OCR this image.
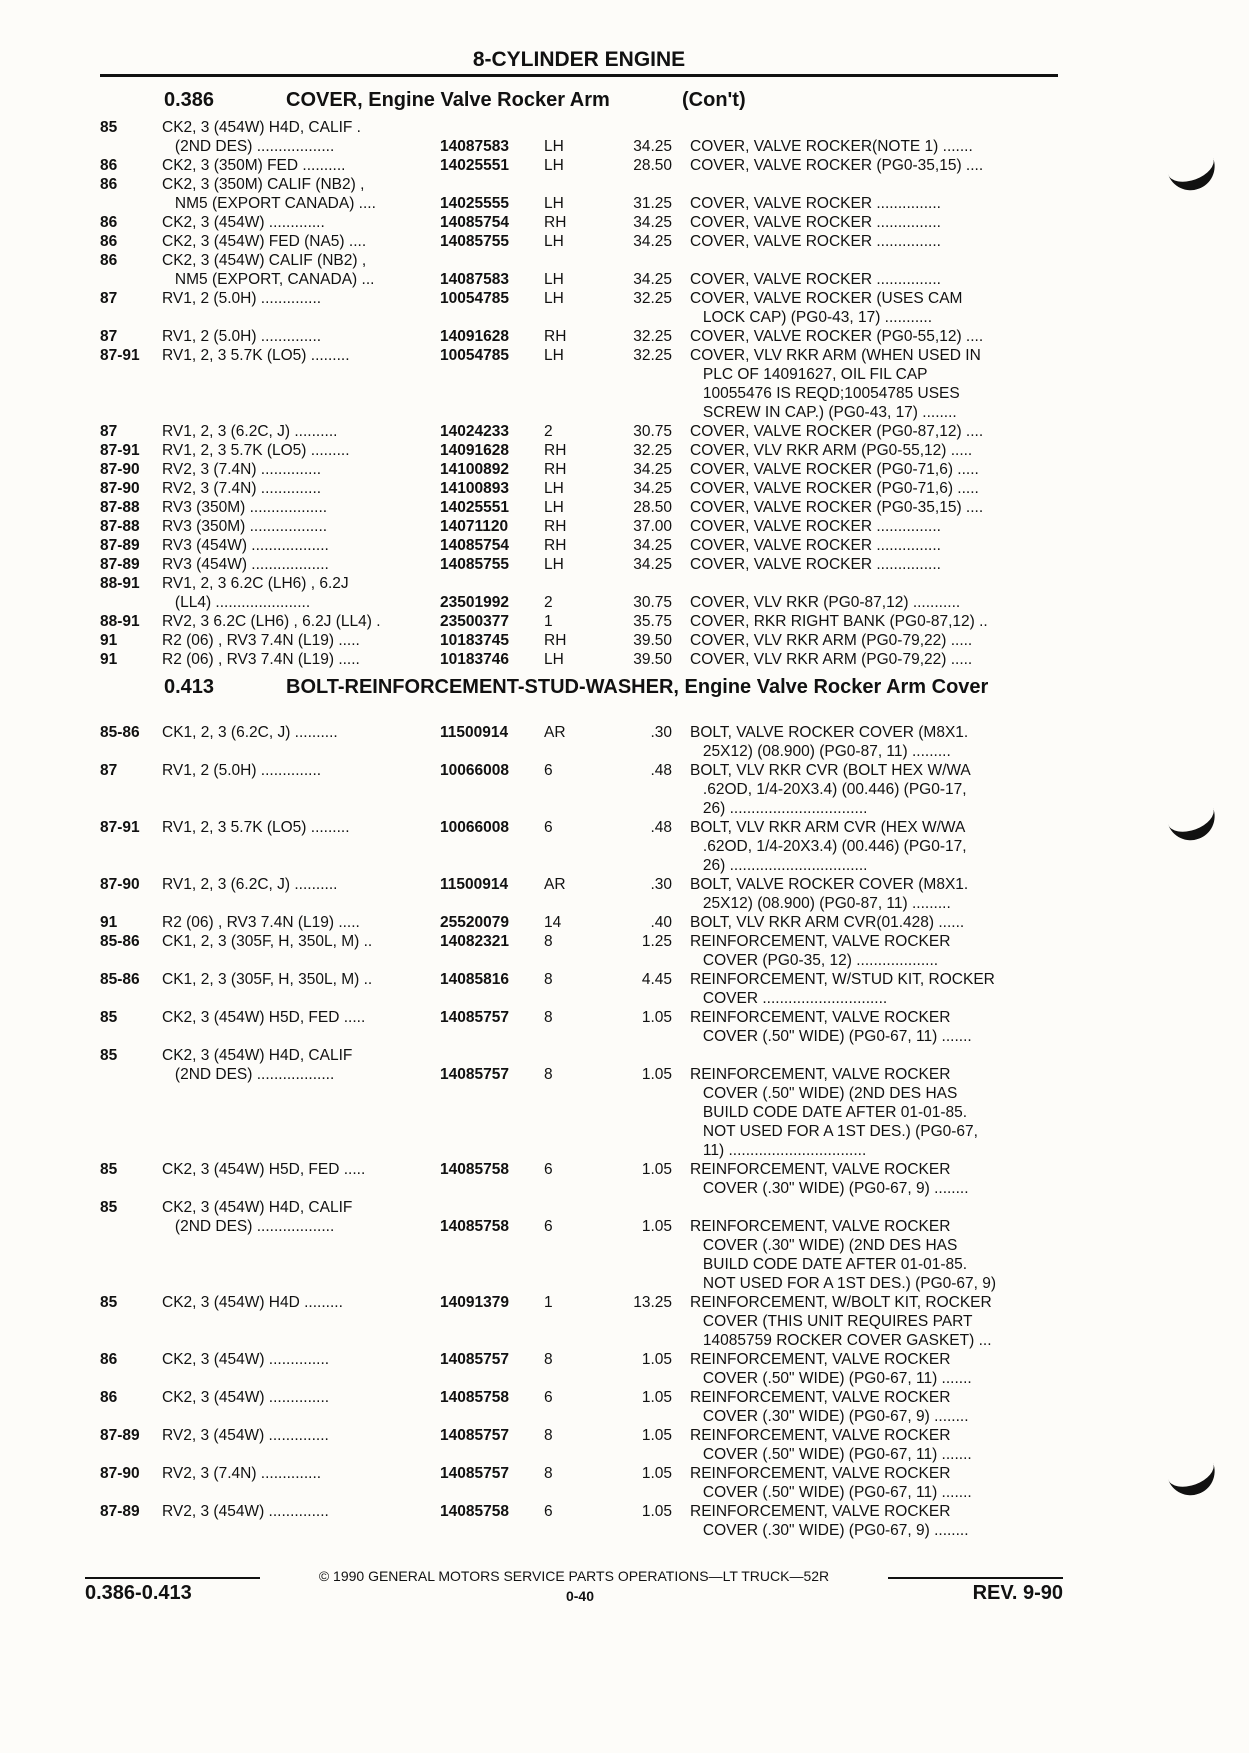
8-CYLINDER ENGINE
0.386	COVER, Engine Valve Rocker Arm	(Con't)
85	CK2, 3 (454W) H4D, CALIF .
(2ND DES) ..................	14087583 LH	34.25 COVER, VALVE ROCKER(NOTE 1) .......
86	CK2, 3 (350M) FED ..........	14025551 LH	28.50 COVER, VALVE ROCKER (PG0-35,15) ....
86	CK2, 3 (350M) CALIF (NB2) ,
NM5 (EXPORT CANADA) ....	14025555 LH	31.25 COVER, VALVE ROCKER ...............
86	CK2, 3 (454W) .............	14085754 RH	34.25 COVER, VALVE ROCKER ...............
86	CK2, 3 (454W) FED (NA5) ....	14085755 LH	34.25 COVER, VALVE ROCKER ...............
86	CK2, 3 (454W) CALIF (NB2) ,
NM5 (EXPORT, CANADA) ...	14087583 LH	34.25 COVER, VALVE ROCKER ...............
87	RV1, 2 (5.0H) ..............	10054785 LH	32.25 COVER, VALVE ROCKER (USES CAM
LOCK CAP) (PG0-43, 17) ...........
87	RV1, 2 (5.0H) ..............	14091628 RH	32.25 COVER, VALVE ROCKER (PG0-55,12) ....
87-91 RV1, 2, 3 5.7K (LO5) .........	10054785 LH	32.25 COVER, VLV RKR ARM (WHEN USED IN
PLC OF 14091627, OIL FIL CAP
10055476 IS REQD;10054785 USES
SCREW IN CAP.) (PG0-43, 17) ........
87	RV1, 2, 3 (6.2C, J) ..........	14024233 2	30.75 COVER, VALVE ROCKER (PG0-87,12) ....
87-91 RV1, 2, 3 5.7K (LO5) .........	14091628 RH	32.25 COVER, VLV RKR ARM (PG0-55,12) .....
87-90 RV2, 3 (7.4N) ..............	14100892 RH	34.25 COVER, VALVE ROCKER (PG0-71,6) .....
87-90 RV2, 3 (7.4N) ..............	14100893 LH	34.25 COVER, VALVE ROCKER (PG0-71,6) .....
87-88 RV3 (350M) ..................	14025551 LH	28.50 COVER, VALVE ROCKER (PG0-35,15) ....
87-88 RV3 (350M) ..................	14071120 RH	37.00 COVER, VALVE ROCKER ...............
87-89 RV3 (454W) ..................	14085754 RH	34.25 COVER, VALVE ROCKER ...............
87-89 RV3 (454W) ..................	14085755 LH	34.25 COVER, VALVE ROCKER ...............
88-91 RV1, 2, 3 6.2C (LH6) , 6.2J
(LL4) ......................	23501992 2	30.75 COVER, VLV RKR (PG0-87,12) ...........
88-91 RV2, 3 6.2C (LH6) , 6.2J (LL4) .	23500377 1	35.75 COVER, RKR RIGHT BANK (PG0-87,12) ..
91	R2 (06) , RV3 7.4N (L19) .....	10183745 RH	39.50 COVER, VLV RKR ARM (PG0-79,22) .....
91	R2 (06) , RV3 7.4N (L19) .....	10183746 LH	39.50 COVER, VLV RKR ARM (PG0-79,22) .....
0.413	BOLT-REINFORCEMENT-STUD-WASHER, Engine Valve Rocker Arm Cover
85-86 CK1, 2, 3 (6.2C, J) ..........	11500914 AR	.30 BOLT, VALVE ROCKER COVER (M8X1.
25X12) (08.900) (PG0-87, 11) .........
87	RV1, 2 (5.0H) ..............	10066008 6	.48 BOLT, VLV RKR CVR (BOLT HEX W/WA
.62OD, 1/4-20X3.4) (00.446) (PG0-17,
26) ................................
87-91 RV1, 2, 3 5.7K (LO5) .........	10066008 6	.48 BOLT, VLV RKR ARM CVR (HEX W/WA
.62OD, 1/4-20X3.4) (00.446) (PG0-17,
26) ................................
87-90 RV1, 2, 3 (6.2C, J) ..........	11500914 AR	.30 BOLT, VALVE ROCKER COVER (M8X1.
25X12) (08.900) (PG0-87, 11) .........
91	R2 (06) , RV3 7.4N (L19) .....	25520079 14	.40 BOLT, VLV RKR ARM CVR(01.428) ......
85-86 CK1, 2, 3 (305F, H, 350L, M) ..	14082321 8	1.25 REINFORCEMENT, VALVE ROCKER
COVER (PG0-35, 12) ...................
85-86 CK1, 2, 3 (305F, H, 350L, M) ..	14085816 8	4.45 REINFORCEMENT, W/STUD KIT, ROCKER
COVER .............................
85	CK2, 3 (454W) H5D, FED .....	14085757 8	1.05 REINFORCEMENT, VALVE ROCKER
COVER (.50" WIDE) (PG0-67, 11) .......
85	CK2, 3 (454W) H4D, CALIF
(2ND DES) ..................	14085757 8	1.05 REINFORCEMENT, VALVE ROCKER
COVER (.50" WIDE) (2ND DES HAS
BUILD CODE DATE AFTER 01-01-85.
NOT USED FOR A 1ST DES.) (PG0-67,
11) ................................
85	CK2, 3 (454W) H5D, FED .....	14085758 6	1.05 REINFORCEMENT, VALVE ROCKER
COVER (.30" WIDE) (PG0-67, 9) ........
85	CK2, 3 (454W) H4D, CALIF
(2ND DES) ..................	14085758 6	1.05 REINFORCEMENT, VALVE ROCKER
COVER (.30" WIDE) (2ND DES HAS
BUILD CODE DATE AFTER 01-01-85.
NOT USED FOR A 1ST DES.) (PG0-67, 9)
85	CK2, 3 (454W) H4D .........	14091379 1	13.25 REINFORCEMENT, W/BOLT KIT, ROCKER
COVER (THIS UNIT REQUIRES PART
14085759 ROCKER COVER GASKET) ...
86	CK2, 3 (454W) ..............	14085757 8	1.05 REINFORCEMENT, VALVE ROCKER
COVER (.50" WIDE) (PG0-67, 11) .......
86	CK2, 3 (454W) ..............	14085758 6	1.05 REINFORCEMENT, VALVE ROCKER
COVER (.30" WIDE) (PG0-67, 9) ........
87-89 RV2, 3 (454W) ..............	14085757 8	1.05 REINFORCEMENT, VALVE ROCKER
COVER (.50" WIDE) (PG0-67, 11) .......
87-90 RV2, 3 (7.4N) ..............	14085757 8	1.05 REINFORCEMENT, VALVE ROCKER
COVER (.50" WIDE) (PG0-67, 11) .......
87-89 RV2, 3 (454W) ..............	14085758 6	1.05 REINFORCEMENT, VALVE ROCKER
COVER (.30" WIDE) (PG0-67, 9) ........
© 1990 GENERAL MOTORS SERVICE PARTS OPERATIONS—LT TRUCK—52R
0.386-0.413	0-40	REV. 9-90
